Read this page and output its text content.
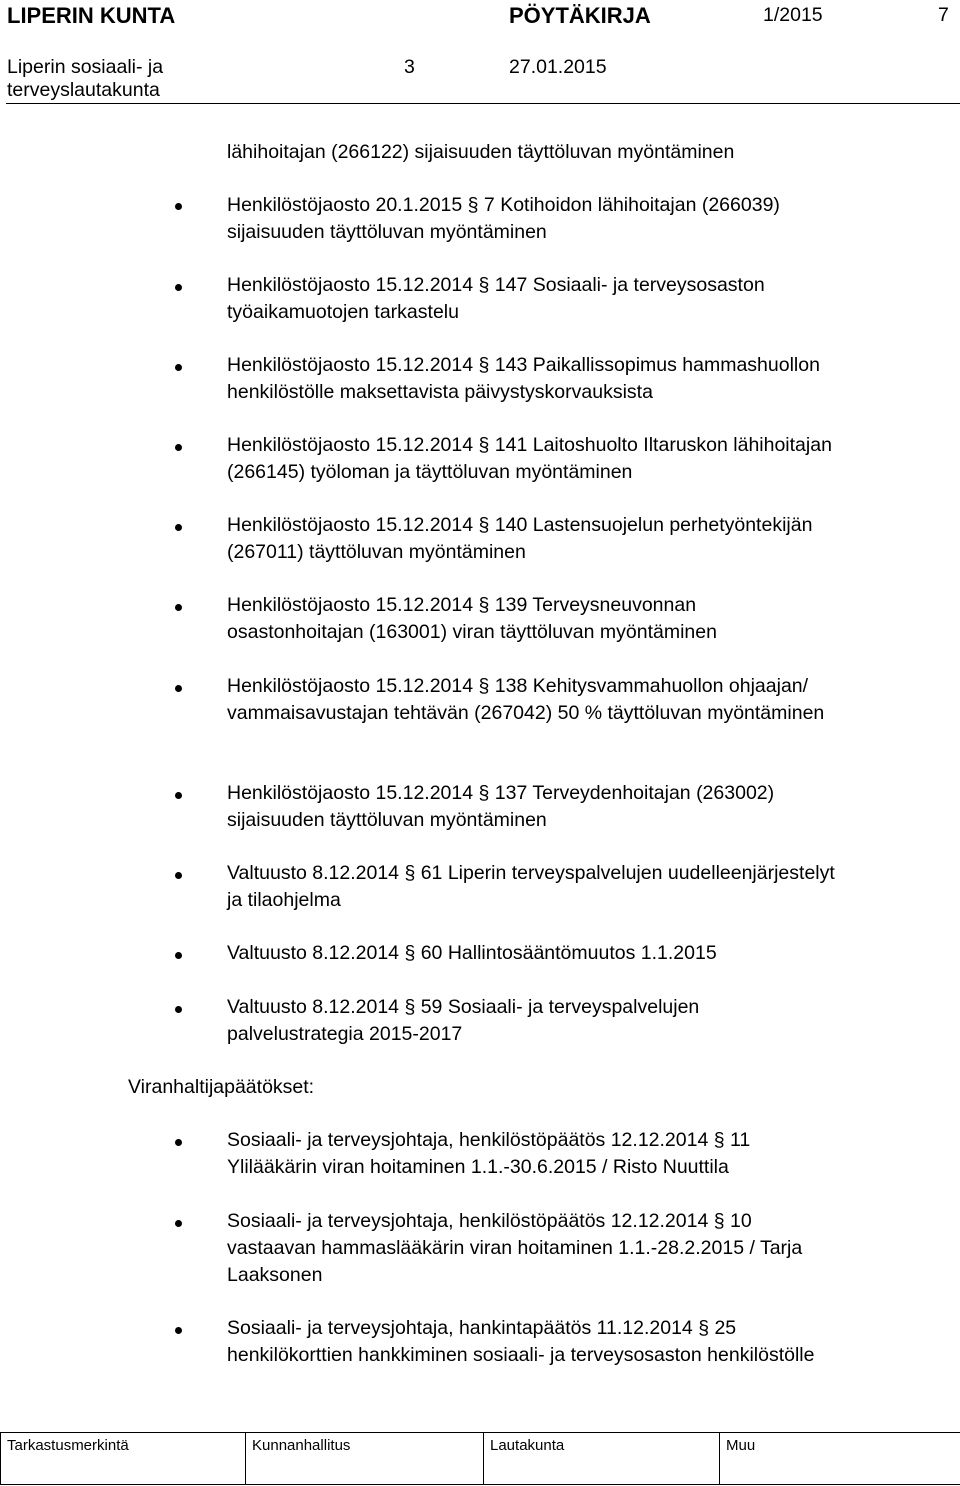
LIPERIN KUNTA	PÖYTÄKIRJA	1/2015	7
Liperin sosiaali- ja
terveyslautakunta
3	27.01.2015
lähihoitajan (266122) sijaisuuden täyttöluvan myöntäminen
Henkilöstöjaosto 20.1.2015 § 7 Kotihoidon lähihoitajan (266039)
sijaisuuden täyttöluvan myöntäminen
Henkilöstöjaosto 15.12.2014 § 147 Sosiaali- ja terveysosaston
työaikamuotojen tarkastelu
Henkilöstöjaosto 15.12.2014 § 143 Paikallissopimus hammashuollon
henkilöstölle maksettavista päivystyskorvauksista
Henkilöstöjaosto 15.12.2014 § 141 Laitoshuolto Iltaruskon lähihoitajan
(266145) työloman ja täyttöluvan myöntäminen
Henkilöstöjaosto 15.12.2014 § 140 Lastensuojelun perhetyöntekijän
(267011) täyttöluvan myöntäminen
Henkilöstöjaosto 15.12.2014 § 139 Terveysneuvonnan
osastonhoitajan (163001) viran täyttöluvan myöntäminen
Henkilöstöjaosto 15.12.2014 § 138 Kehitysvammahuollon ohjaajan/
vammaisavustajan tehtävän (267042) 50 % täyttöluvan myöntäminen
Henkilöstöjaosto 15.12.2014 § 137 Terveydenhoitajan (263002)
sijaisuuden täyttöluvan myöntäminen
Valtuusto 8.12.2014 § 61 Liperin terveyspalvelujen uudelleenjärjestelyt
ja tilaohjelma
Valtuusto 8.12.2014 § 60 Hallintosääntömuutos 1.1.2015
Valtuusto 8.12.2014 § 59 Sosiaali- ja terveyspalvelujen
palvelustrategia 2015-2017
Viranhaltijapäätökset:
Sosiaali- ja terveysjohtaja, henkilöstöpäätös 12.12.2014 § 11
Ylilääkärin viran hoitaminen 1.1.-30.6.2015 / Risto Nuuttila
Sosiaali- ja terveysjohtaja, henkilöstöpäätös 12.12.2014 § 10
vastaavan hammaslääkärin viran hoitaminen 1.1.-28.2.2015 / Tarja
Laaksonen
Sosiaali- ja terveysjohtaja, hankintapäätös 11.12.2014 § 25
henkilökorttien hankkiminen sosiaali- ja terveysosaston henkilöstölle
Tarkastusmerkintä	Kunnanhallitus	Lautakunta	Muu
